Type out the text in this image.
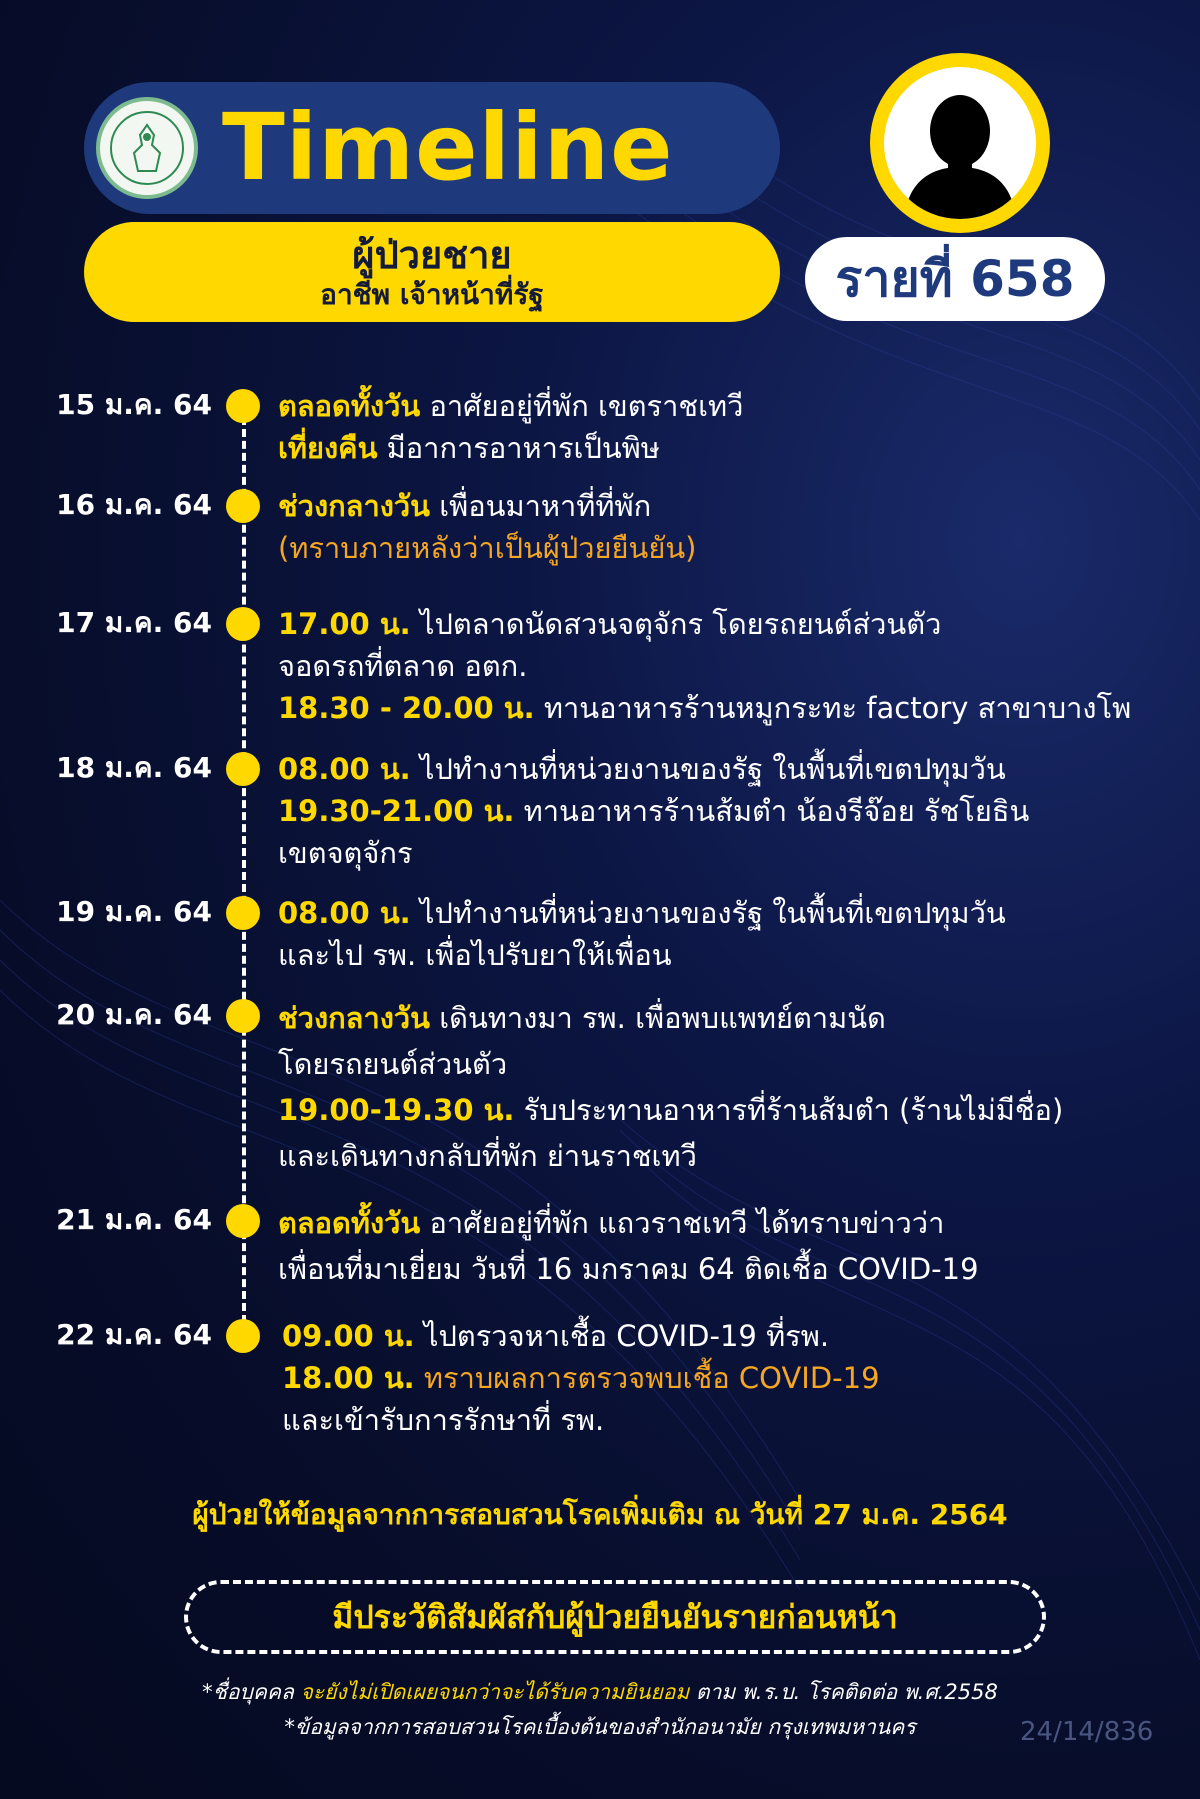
Timeline
ผู้ป่วยชาย
อาชีพ เจ้าหน้าที่รัฐ	รายที่ 658
15 ม.ค. 64 ตลอดทั้งวัน อาศัยอยู่ที่พัก เขตราชเทวี
เที่ยงคืน มีอาการอาหารเป็นพิษ
16 ม.ค. 64 ช่วงกลางวัน เพื่อนมาหาที่ที่พัก
(ทราบภายหลังว่าเป็นผู้ป่วยยืนยัน)
17 ม.ค. 64 17.00 น. ไปตลาดนัดสวนจตุจักร โดยรถยนต์ส่วนตัว
จอดรถที่ตลาด อตก.
18.30 - 20.00 น. ทานอาหารร้านหมูกระทะ factory สาขาบางโพ
18 ม.ค. 64 08.00 น. ไปทำงานที่หน่วยงานของรัฐ ในพื้นที่เขตปทุมวัน
19.30-21.00 น. ทานอาหารร้านส้มตำ น้องรีจ๊อย รัชโยธิน
เขตจตุจักร
19 ม.ค. 64 08.00 น. ไปทำงานที่หน่วยงานของรัฐ ในพื้นที่เขตปทุมวัน
และไป รพ. เพื่อไปรับยาให้เพื่อน
20 ม.ค. 64 ช่วงกลางวัน เดินทางมา รพ. เพื่อพบแพทย์ตามนัด
โดยรถยนต์ส่วนตัว
19.00-19.30 น. รับประทานอาหารที่ร้านส้มตำ (ร้านไม่มีชื่อ)
และเดินทางกลับที่พัก ย่านราชเทวี
21 ม.ค. 64 ตลอดทั้งวัน อาศัยอยู่ที่พัก แถวราชเทวี ได้ทราบข่าวว่า
เพื่อนที่มาเยี่ยม วันที่ 16 มกราคม 64 ติดเชื้อ COVID-19
22 ม.ค. 64 09.00 น. ไปตรวจหาเชื้อ COVID-19 ที่รพ.
18.00 น. ทราบผลการตรวจพบเชื้อ COVID-19
และเข้ารับการรักษาที่ รพ.
ผู้ป่วยให้ข้อมูลจากการสอบสวนโรคเพิ่มเติม ณ วันที่ 27 ม.ค. 2564
มีประวัติสัมผัสกับผู้ป่วยยืนยันรายก่อนหน้า
*ชื่อบุคคล จะยังไม่เปิดเผยจนกว่าจะได้รับความยินยอม ตาม พ.ร.บ. โรคติดต่อ พ.ศ.2558
*ข้อมูลจากการสอบสวนโรคเบื้องต้นของสำนักอนามัย กรุงเทพมหานคร	24/14/836
